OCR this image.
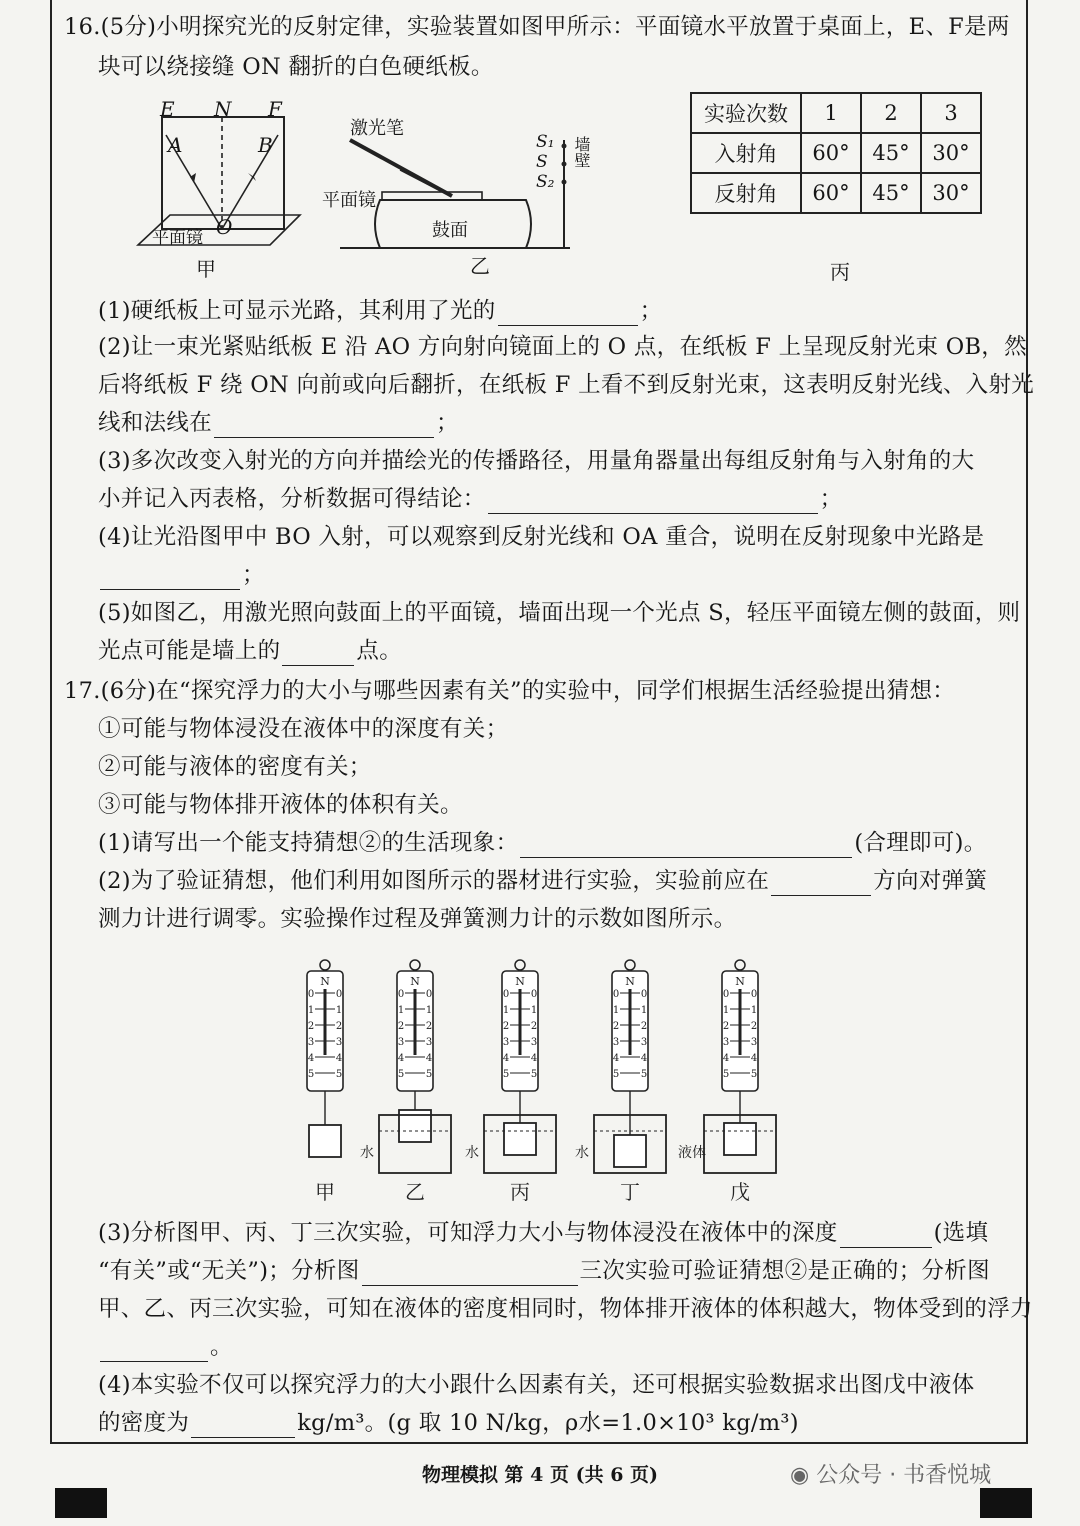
16.(5分)小明探究光的反射定律，实验装置如图甲所示：平面镜水平放置于桌面上，E、F是两
块可以绕接缝 ON 翻折的白色硬纸板。
E N F
A	B
O
平面镜
甲
激光笔
平面镜
鼓面
S₁
S
S₂
墙壁
乙
实验次数	1	2	3
入射角	60°	45°	30°
反射角	60°	45°	30°
丙
(1)硬纸板上可显示光路，其利用了光的	；
(2)让一束光紧贴纸板 E 沿 AO 方向射向镜面上的 O 点，在纸板 F 上呈现反射光束 OB，然
后将纸板 F 绕 ON 向前或向后翻折，在纸板 F 上看不到反射光束，这表明反射光线、入射光
线和法线在	；
(3)多次改变入射光的方向并描绘光的传播路径，用量角器量出每组反射角与入射角的大
小并记入丙表格，分析数据可得结论：	；
(4)让光沿图甲中 BO 入射，可以观察到反射光线和 OA 重合，说明在反射现象中光路是
；
(5)如图乙，用激光照向鼓面上的平面镜，墙面出现一个光点 S，轻压平面镜左侧的鼓面，则
光点可能是墙上的	点。
17.(6分)在“探究浮力的大小与哪些因素有关”的实验中，同学们根据生活经验提出猜想：
①可能与物体浸没在液体中的深度有关；
②可能与液体的密度有关；
③可能与物体排开液体的体积有关。
(1)请写出一个能支持猜想②的生活现象：	(合理即可)。
(2)为了验证猜想，他们利用如图所示的器材进行实验，实验前应在	方向对弹簧
测力计进行调零。实验操作过程及弹簧测力计的示数如图所示。
N
0 0
1 1
2 2
3 3
4 4
5 5
甲
N
0 0
1 1
2 2
3 3
4 4
5 5
水
乙
N
0 0
1 1
2 2
3 3
4 4
5 5
水
丙
N
0 0
1 1
2 2
3 3
4 4
5 5
水
丁
N
0 0
1 1
2 2
3 3
4 4
5 5
液体
戊
(3)分析图甲、丙、丁三次实验，可知浮力大小与物体浸没在液体中的深度	(选填
“有关”或“无关”)；分析图	三次实验可验证猜想②是正确的；分析图
甲、乙、丙三次实验，可知在液体的密度相同时，物体排开液体的体积越大，物体受到的浮力
。
(4)本实验不仅可以探究浮力的大小跟什么因素有关，还可根据实验数据求出图戊中液体
的密度为	kg/m³。(g 取 10 N/kg，ρ水=1.0×10³ kg/m³)
物理模拟 第 4 页 (共 6 页)	◉ 公众号 · 书香悦城
